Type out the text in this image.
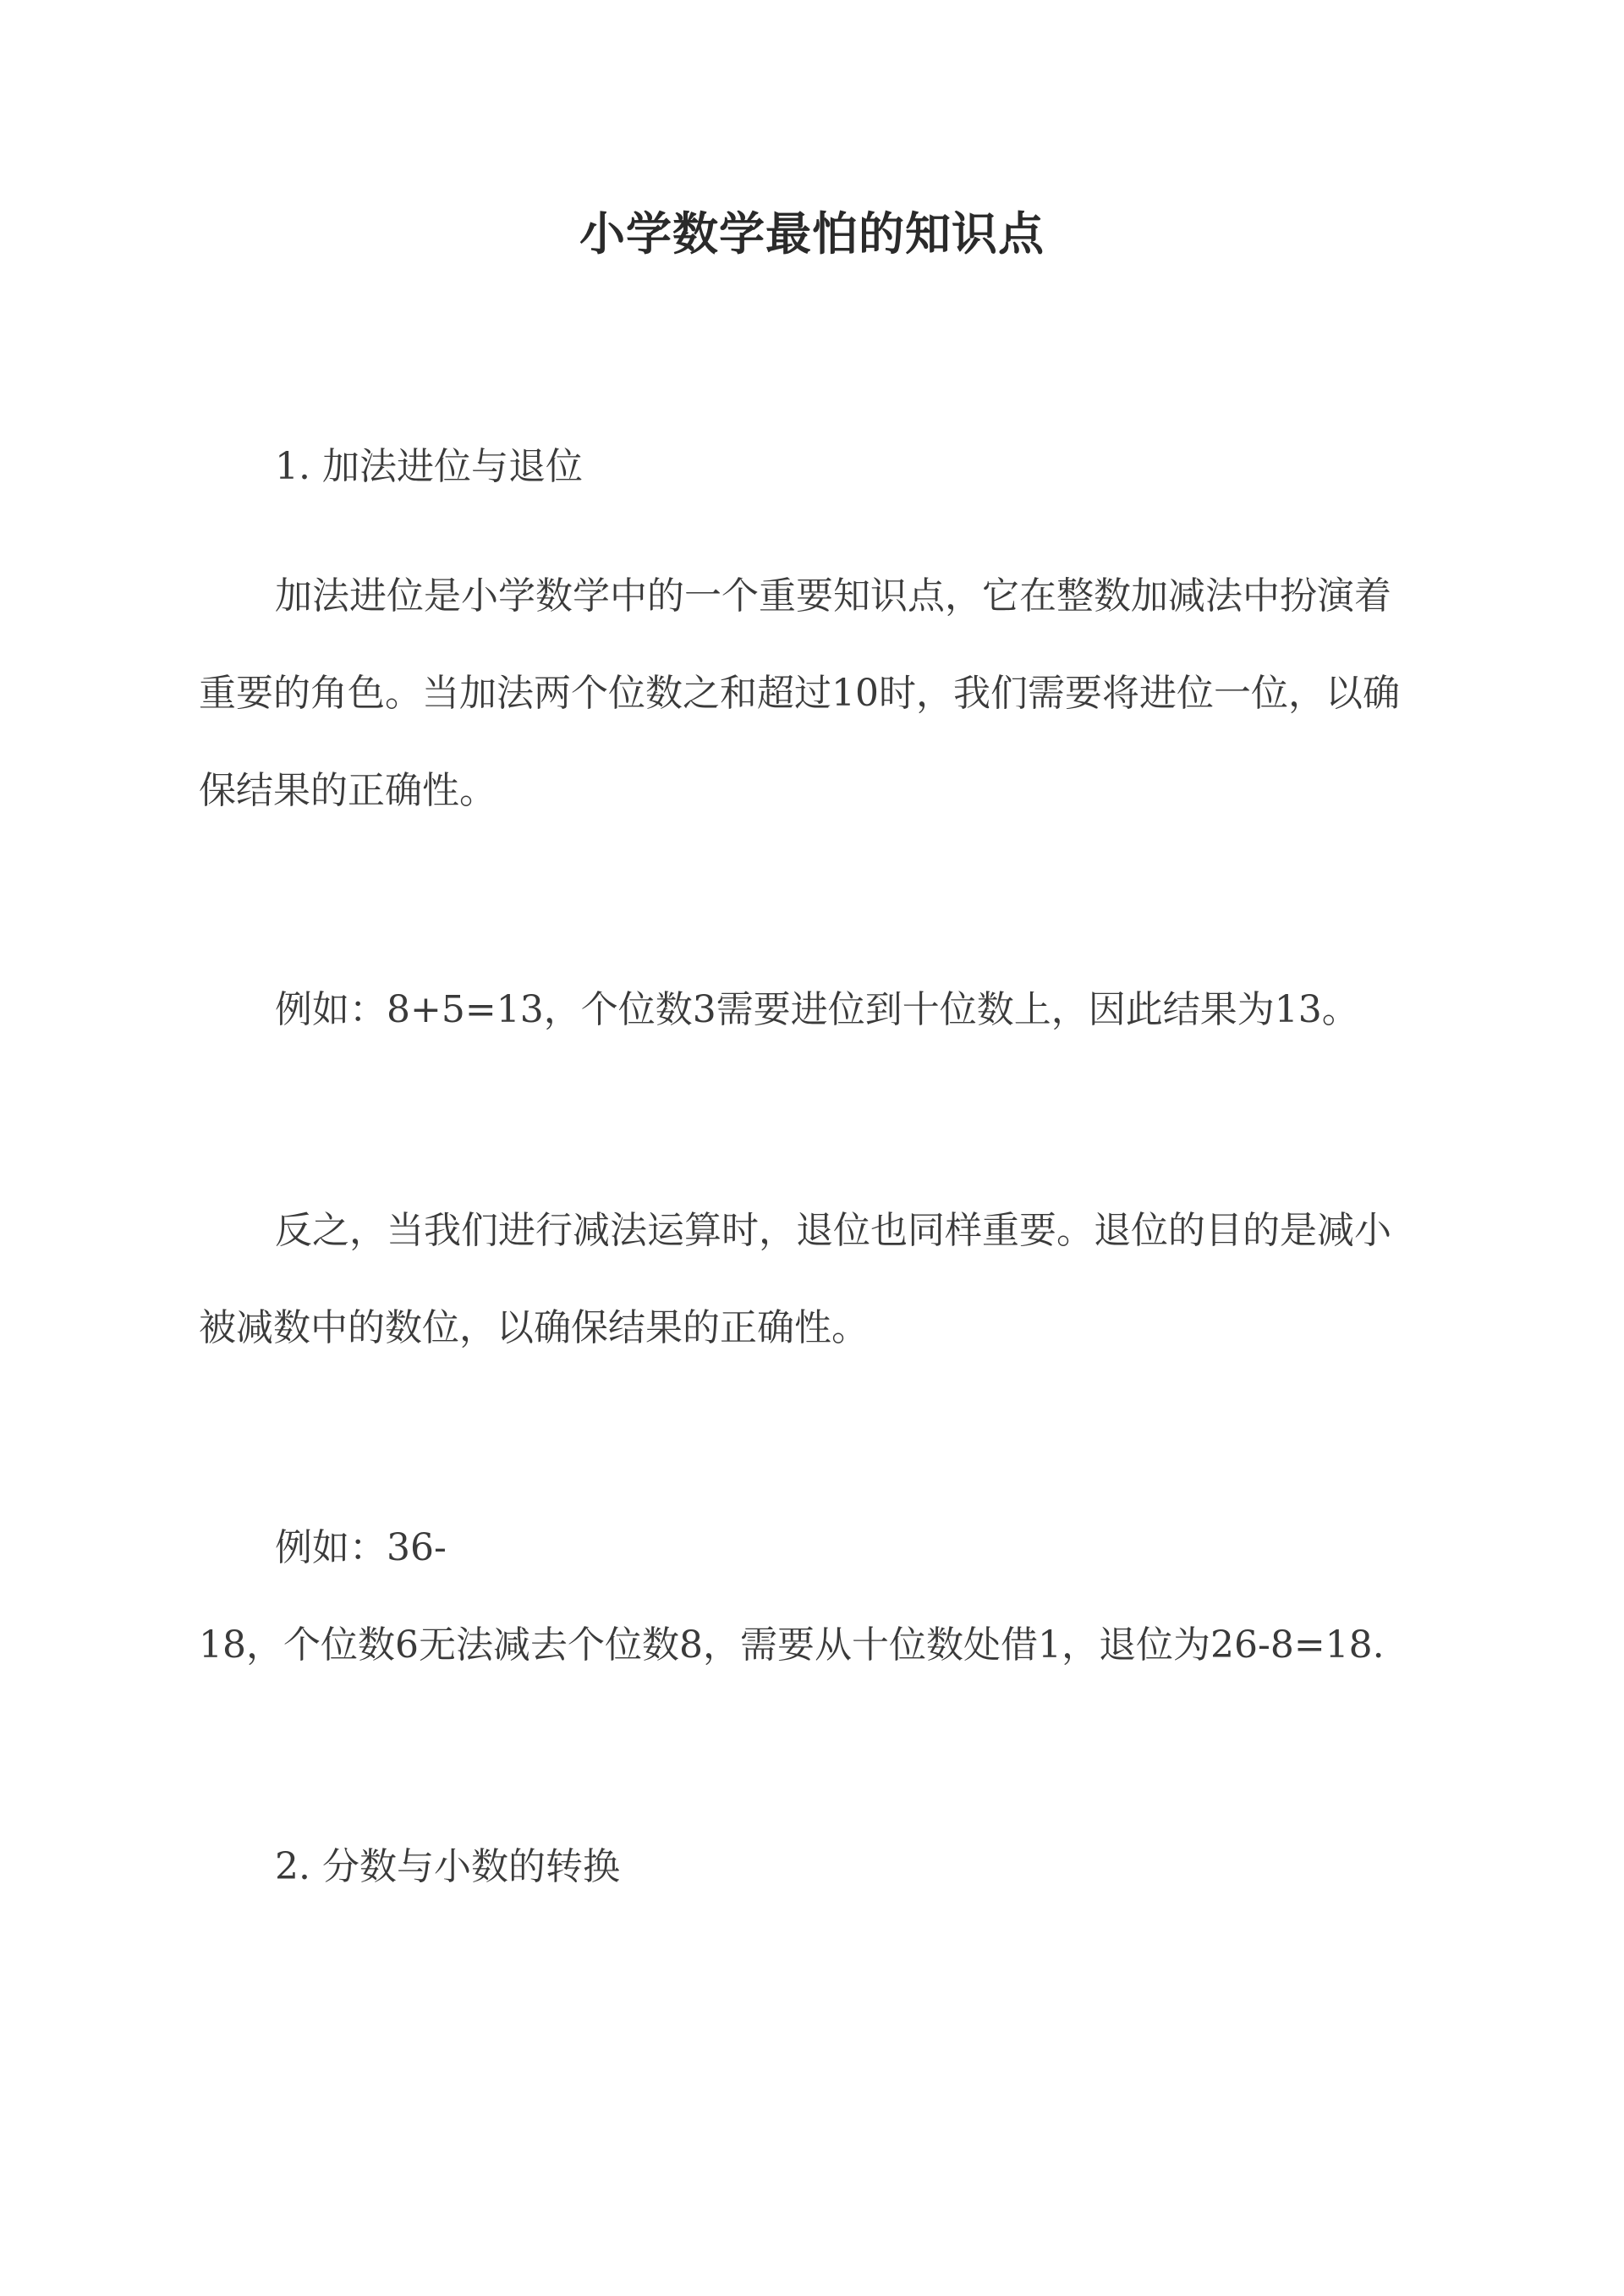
小学数学最怕的知识点
1. 加法进位与退位
加法进位是小学数学中的一个重要知识点，它在整数加减法中扮演着
重要的角色。当加法两个位数之和超过10时，我们需要将进位一位，以确
保结果的正确性。
例如：8+5=13，个位数3需要进位到十位数上，因此结果为13。
反之，当我们进行减法运算时，退位也同样重要。退位的目的是减小
被减数中的数位，以确保结果的正确性。
例如：36-
18，个位数6无法减去个位数8，需要从十位数处借1，退位为26-8=18.
2. 分数与小数的转换
